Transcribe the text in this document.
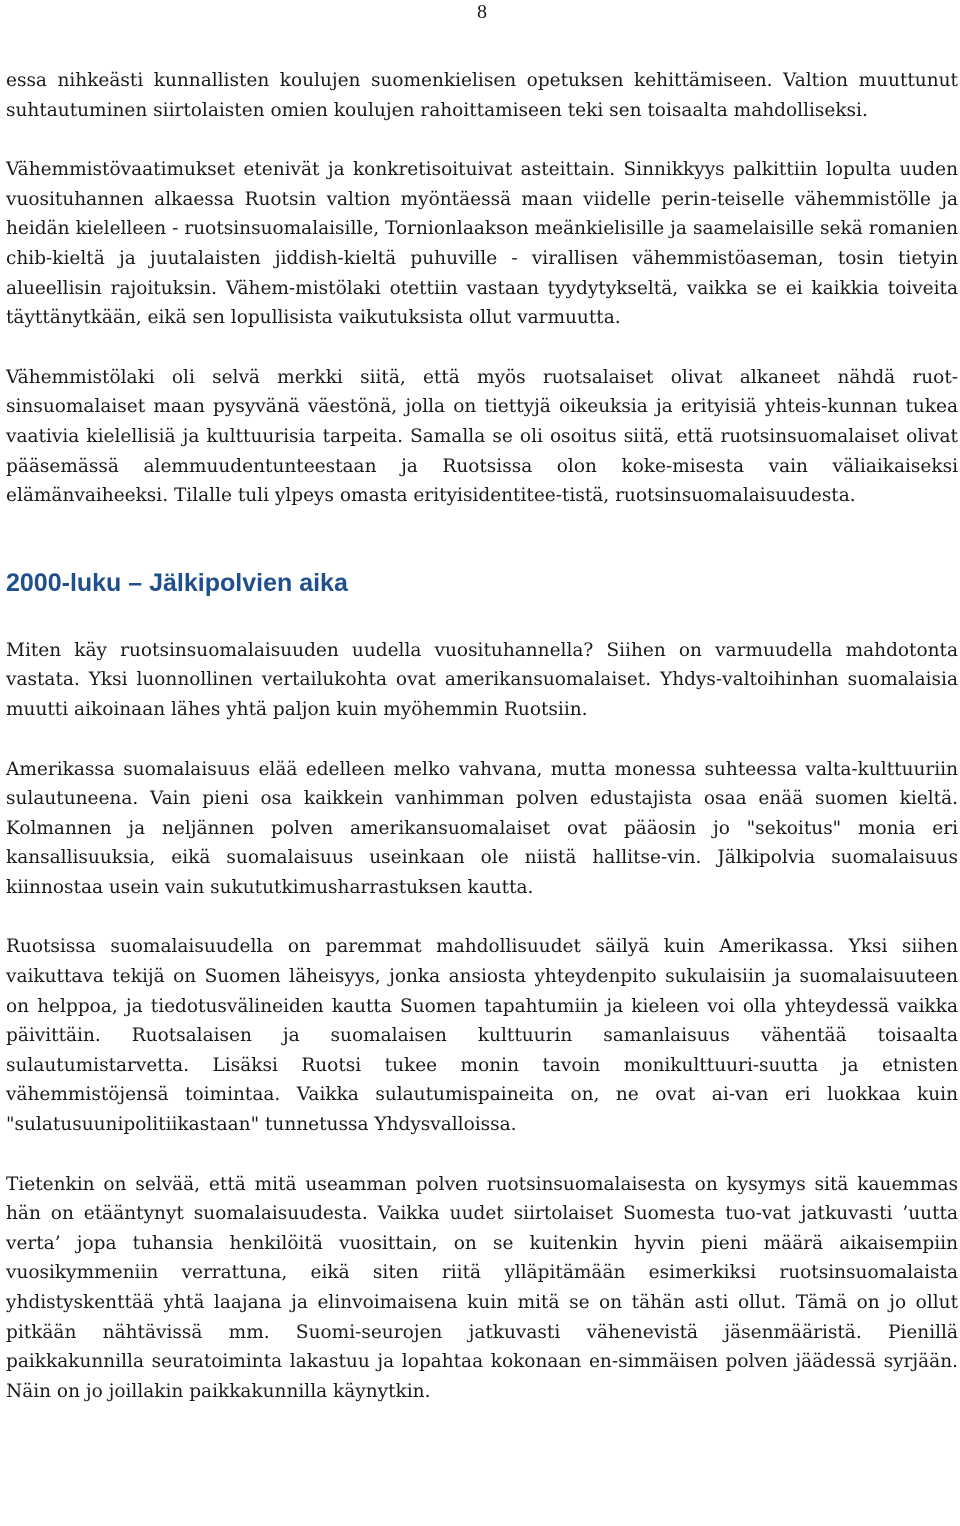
8

essa nihkeästi kunnallisten koulujen suomenkielisen opetuksen kehittämiseen. Valtion muuttunut suhtautuminen siirtolaisten omien koulujen rahoittamiseen teki sen toisaalta mahdolliseksi.

Vähemmistövaatimukset etenivät ja konkretisoituivat asteittain. Sinnikkyys palkittiin lopulta uuden vuosituhannen alkaessa Ruotsin valtion myöntäessä maan viidelle perin-teiselle vähemmistölle ja heidän kielelleen - ruotsinsuomalaisille, Tornionlaakson meänkielisille ja saamelaisille sekä romanien chib-kieltä ja juutalaisten jiddish-kieltä puhuville - virallisen vähemmistöaseman, tosin tietyin alueellisin rajoituksin. Vähem-mistölaki otettiin vastaan tyydytykseltä, vaikka se ei kaikkia toiveita täyttänytkään, eikä sen lopullisista vaikutuksista ollut varmuutta.

Vähemmistölaki oli selvä merkki siitä, että myös ruotsalaiset olivat alkaneet nähdä ruot-sinsuomalaiset maan pysyvänä väestönä, jolla on tiettyjä oikeuksia ja erityisiä yhteis-kunnan tukea vaativia kielellisiä ja kulttuurisia tarpeita. Samalla se oli osoitus siitä, että ruotsinsuomalaiset olivat pääsemässä alemmuudentunteestaan ja Ruotsissa olon koke-misesta vain väliaikaiseksi elämänvaiheeksi. Tilalle tuli ylpeys omasta erityisidentitee-tistä, ruotsinsuomalaisuudesta.

2000-luku – Jälkipolvien aika

Miten käy ruotsinsuomalaisuuden uudella vuosituhannella? Siihen on varmuudella mahdotonta vastata. Yksi luonnollinen vertailukohta ovat amerikansuomalaiset. Yhdys-valtoihinhan suomalaisia muutti aikoinaan lähes yhtä paljon kuin myöhemmin Ruotsiin.

Amerikassa suomalaisuus elää edelleen melko vahvana, mutta monessa suhteessa valta-kulttuuriin sulautuneena. Vain pieni osa kaikkein vanhimman polven edustajista osaa enää suomen kieltä. Kolmannen ja neljännen polven amerikansuomalaiset ovat pääosin jo "sekoitus" monia eri kansallisuuksia, eikä suomalaisuus useinkaan ole niistä hallitse-vin. Jälkipolvia suomalaisuus kiinnostaa usein vain sukututkimusharrastuksen kautta.

Ruotsissa suomalaisuudella on paremmat mahdollisuudet säilyä kuin Amerikassa. Yksi siihen vaikuttava tekijä on Suomen läheisyys, jonka ansiosta yhteydenpito sukulaisiin ja suomalaisuuteen on helppoa, ja tiedotusvälineiden kautta Suomen tapahtumiin ja kieleen voi olla yhteydessä vaikka päivittäin. Ruotsalaisen ja suomalaisen kulttuurin samanlaisuus vähentää toisaalta sulautumistarvetta. Lisäksi Ruotsi tukee monin tavoin monikulttuuri-suutta ja etnisten vähemmistöjensä toimintaa. Vaikka sulautumispaineita on, ne ovat ai-van eri luokkaa kuin "sulatusuunipolitiikastaan" tunnetussa Yhdysvalloissa.

Tietenkin on selvää, että mitä useamman polven ruotsinsuomalaisesta on kysymys sitä kauemmas hän on etääntynyt suomalaisuudesta. Vaikka uudet siirtolaiset Suomesta tuo-vat jatkuvasti ’uutta verta’ jopa tuhansia henkilöitä vuosittain, on se kuitenkin hyvin pieni määrä aikaisempiin vuosikymmeniin verrattuna, eikä siten riitä ylläpitämään esimerkiksi ruotsinsuomalaista yhdistyskenttää yhtä laajana ja elinvoimaisena kuin mitä se on tähän asti ollut. Tämä on jo ollut pitkään nähtävissä mm. Suomi-seurojen jatkuvasti vähenevistä jäsenmääristä. Pienillä paikkakunnilla seuratoiminta lakastuu ja lopahtaa kokonaan en-simmäisen polven jäädessä syrjään. Näin on jo joillakin paikkakunnilla käynytkin.
